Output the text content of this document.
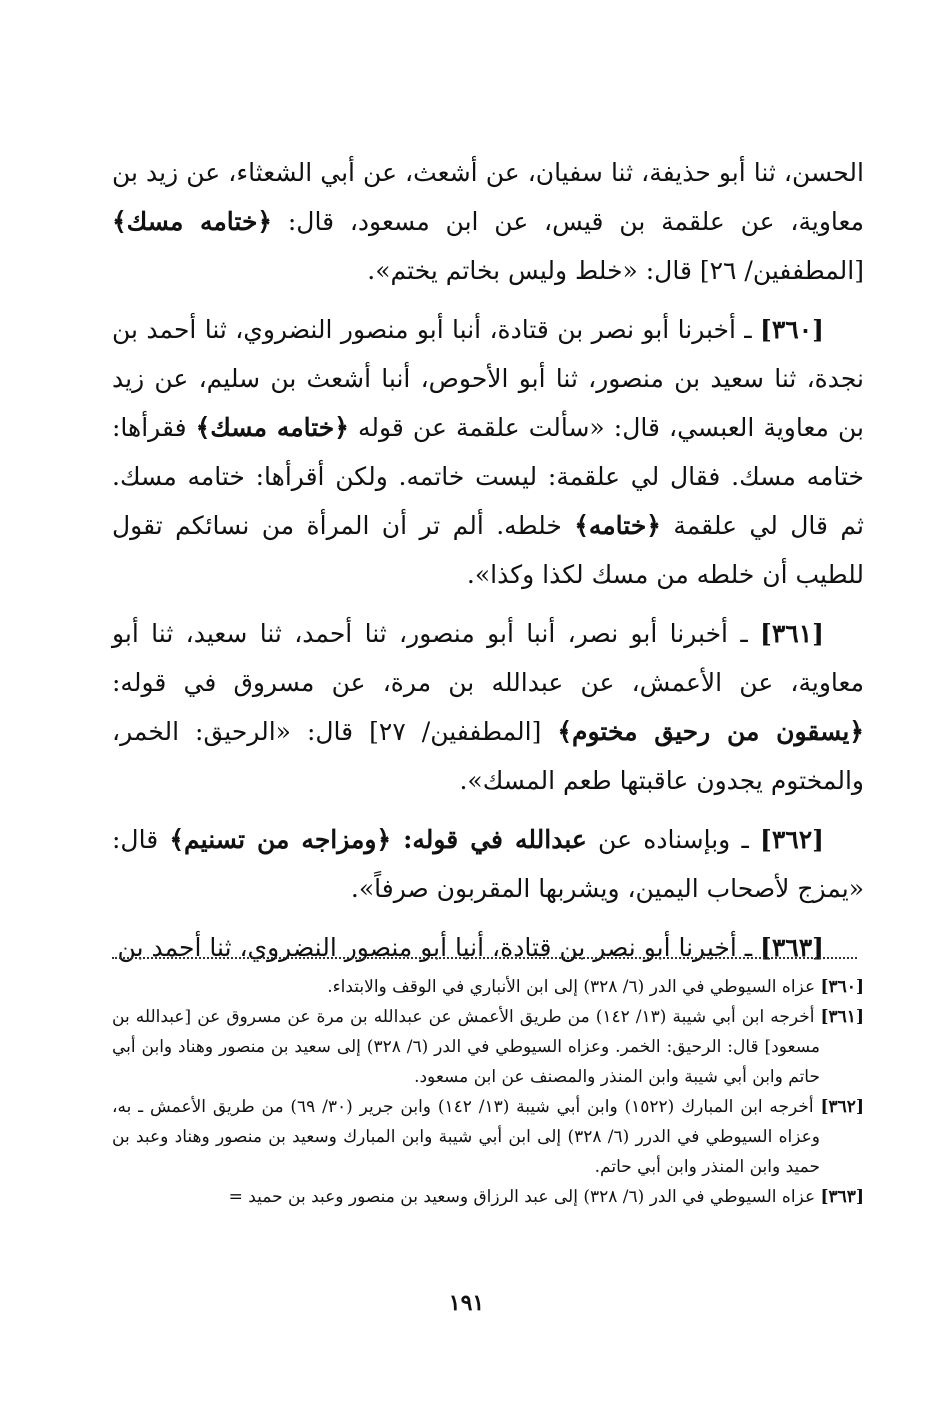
الحسن، ثنا أبو حذيفة، ثنا سفيان، عن أشعث، عن أبي الشعثاء، عن زيد بن معاوية، عن علقمة بن قيس، عن ابن مسعود، قال: ﴿ختامه مسك﴾ [المطففين/ ٢٦] قال: «خلط وليس بخاتم يختم».

[٣٦٠] ـ أخبرنا أبو نصر بن قتادة، أنبا أبو منصور النضروي، ثنا أحمد بن نجدة، ثنا سعيد بن منصور، ثنا أبو الأحوص، أنبا أشعث بن سليم، عن زيد بن معاوية العبسي، قال: «سألت علقمة عن قوله ﴿ختامه مسك﴾ فقرأها: ختامه مسك. فقال لي علقمة: ليست خاتمه. ولكن أقرأها: ختامه مسك. ثم قال لي علقمة ﴿ختامه﴾ خلطه. ألم تر أن المرأة من نسائكم تقول للطيب أن خلطه من مسك لكذا وكذا».

[٣٦١] ـ أخبرنا أبو نصر، أنبا أبو منصور، ثنا أحمد، ثنا سعيد، ثنا أبو معاوية، عن الأعمش، عن عبدالله بن مرة، عن مسروق في قوله: ﴿يسقون من رحيق مختوم﴾ [المطففين/ ٢٧] قال: «الرحيق: الخمر، والمختوم يجدون عاقبتها طعم المسك».

[٣٦٢] ـ وبإسناده عن عبدالله في قوله: ﴿ومزاجه من تسنيم﴾ قال: «يمزج لأصحاب اليمين، ويشربها المقربون صرفاً».

[٣٦٣] ـ أخبرنا أبو نصر بن قتادة، أنبا أبو منصور النضروي، ثنا أحمد بن

[٣٦٠] عزاه السيوطي في الدر (٦/ ٣٢٨) إلى ابن الأنباري في الوقف والابتداء.

[٣٦١] أخرجه ابن أبي شيبة (١٣/ ١٤٢) من طريق الأعمش عن عبدالله بن مرة عن مسروق عن [عبدالله بن مسعود] قال: الرحيق: الخمر. وعزاه السيوطي في الدر (٦/ ٣٢٨) إلى سعيد بن منصور وهناد وابن أبي حاتم وابن أبي شيبة وابن المنذر والمصنف عن ابن مسعود.

[٣٦٢] أخرجه ابن المبارك (١٥٢٢) وابن أبي شيبة (١٣/ ١٤٢) وابن جرير (٣٠/ ٦٩) من طريق الأعمش ـ به، وعزاه السيوطي في الدرر (٦/ ٣٢٨) إلى ابن أبي شيبة وابن المبارك وسعيد بن منصور وهناد وعبد بن حميد وابن المنذر وابن أبي حاتم.

[٣٦٣] عزاه السيوطي في الدر (٦/ ٣٢٨) إلى عبد الرزاق وسعيد بن منصور وعبد بن حميد =

١٩١
